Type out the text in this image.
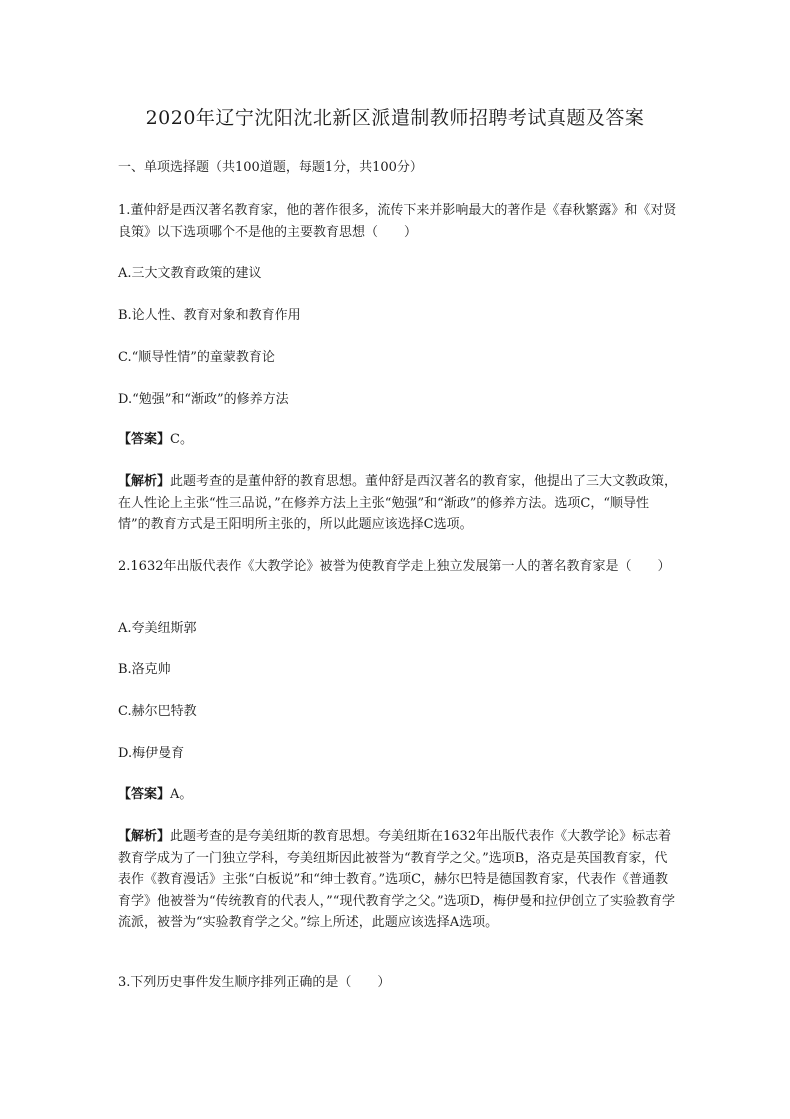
2020年辽宁沈阳沈北新区派遣制教师招聘考试真题及答案

一、单项选择题（共100道题，每题1分，共100分）

1.董仲舒是西汉著名教育家，他的著作很多，流传下来并影响最大的著作是《春秋繁露》和《对贤良策》以下选项哪个不是他的主要教育思想（　　）

A.三大文教育政策的建议

B.论人性、教育对象和教育作用

C.“顺导性情”的童蒙教育论

D.“勉强”和“渐政”的修养方法

【答案】C。

【解析】此题考查的是董仲舒的教育思想。董仲舒是西汉著名的教育家，他提出了三大文教政策，在人性论上主张“性三品说，”在修养方法上主张“勉强”和“渐政”的修养方法。选项C，“顺导性情”的教育方式是王阳明所主张的，所以此题应该选择C选项。

2.1632年出版代表作《大教学论》被誉为使教育学走上独立发展第一人的著名教育家是（　　）

A.夸美纽斯郭

B.洛克帅

C.赫尔巴特教

D.梅伊曼育

【答案】A。

【解析】此题考查的是夸美纽斯的教育思想。夸美纽斯在1632年出版代表作《大教学论》标志着教育学成为了一门独立学科，夸美纽斯因此被誉为“教育学之父。”选项B，洛克是英国教育家，代表作《教育漫话》主张“白板说”和“绅士教育。”选项C，赫尔巴特是德国教育家，代表作《普通教育学》他被誉为“传统教育的代表人，”“现代教育学之父。”选项D，梅伊曼和拉伊创立了实验教育学流派，被誉为“实验教育学之父。”综上所述，此题应该选择A选项。

3.下列历史事件发生顺序排列正确的是（　　）
